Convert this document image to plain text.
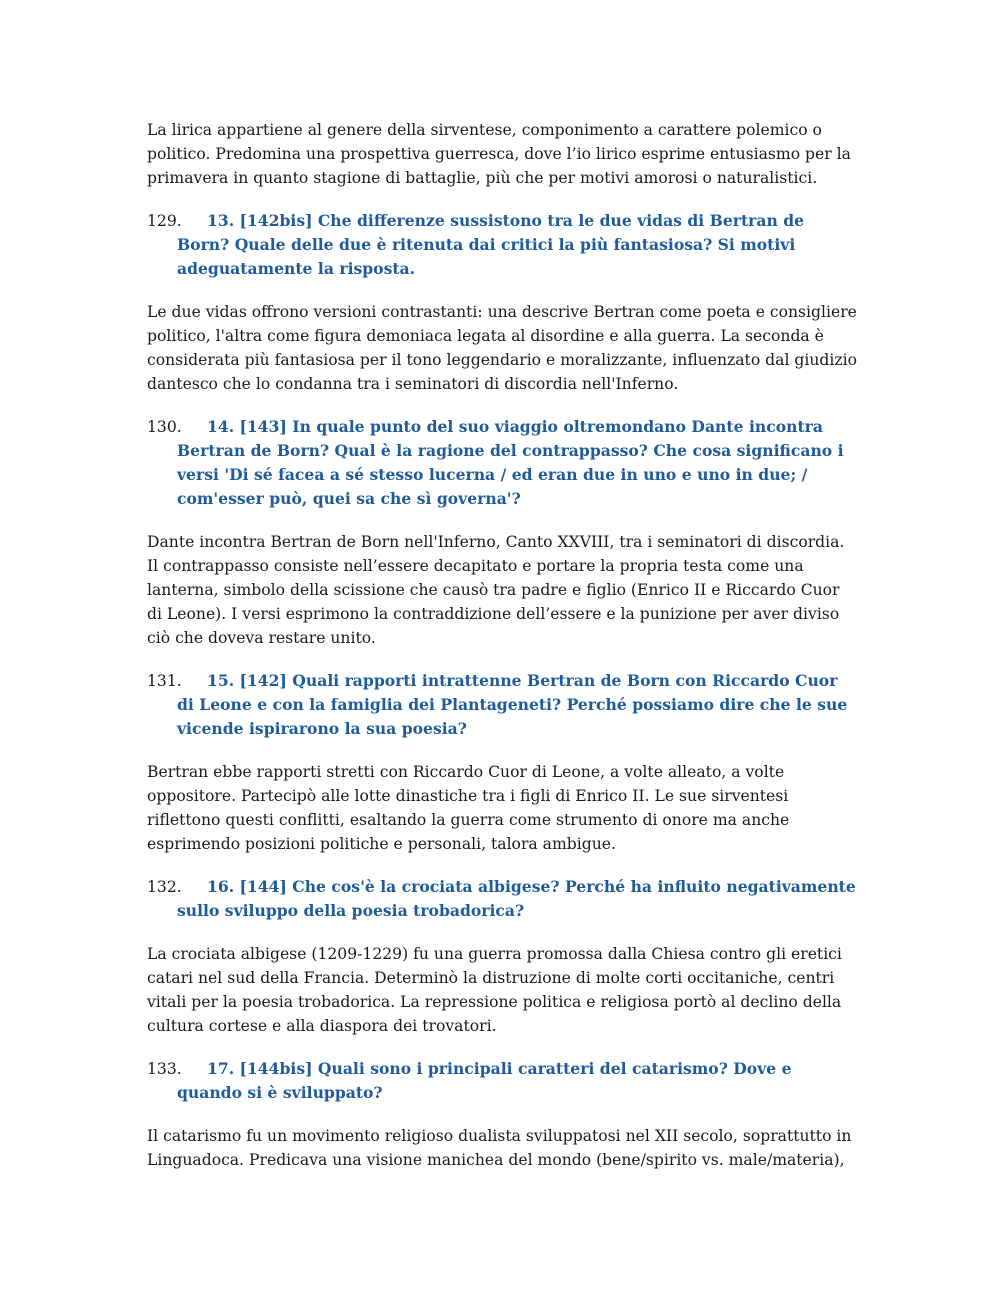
La lirica appartiene al genere della sirventese, componimento a carattere polemico o politico. Predomina una prospettiva guerresca, dove l’io lirico esprime entusiasmo per la primavera in quanto stagione di battaglie, più che per motivi amorosi o naturalistici.

129.	13. [142bis] Che differenze sussistono tra le due vidas di Bertran de Born? Quale delle due è ritenuta dai critici la più fantasiosa? Si motivi adeguatamente la risposta.

Le due vidas offrono versioni contrastanti: una descrive Bertran come poeta e consigliere politico, l'altra come figura demoniaca legata al disordine e alla guerra. La seconda è considerata più fantasiosa per il tono leggendario e moralizzante, influenzato dal giudizio dantesco che lo condanna tra i seminatori di discordia nell'Inferno.

130.	14. [143] In quale punto del suo viaggio oltremondano Dante incontra Bertran de Born? Qual è la ragione del contrappasso? Che cosa significano i versi 'Di sé facea a sé stesso lucerna / ed eran due in uno e uno in due; / com'esser può, quei sa che sì governa'?

Dante incontra Bertran de Born nell'Inferno, Canto XXVIII, tra i seminatori di discordia. Il contrappasso consiste nell’essere decapitato e portare la propria testa come una lanterna, simbolo della scissione che causò tra padre e figlio (Enrico II e Riccardo Cuor di Leone). I versi esprimono la contraddizione dell’essere e la punizione per aver diviso ciò che doveva restare unito.

131.	15. [142] Quali rapporti intrattenne Bertran de Born con Riccardo Cuor di Leone e con la famiglia dei Plantageneti? Perché possiamo dire che le sue vicende ispirarono la sua poesia?

Bertran ebbe rapporti stretti con Riccardo Cuor di Leone, a volte alleato, a volte oppositore. Partecipò alle lotte dinastiche tra i figli di Enrico II. Le sue sirventesi riflettono questi conflitti, esaltando la guerra come strumento di onore ma anche esprimendo posizioni politiche e personali, talora ambigue.

132.	16. [144] Che cos'è la crociata albigese? Perché ha influito negativamente sullo sviluppo della poesia trobadorica?

La crociata albigese (1209-1229) fu una guerra promossa dalla Chiesa contro gli eretici catari nel sud della Francia. Determinò la distruzione di molte corti occitaniche, centri vitali per la poesia trobadorica. La repressione politica e religiosa portò al declino della cultura cortese e alla diaspora dei trovatori.

133.	17. [144bis] Quali sono i principali caratteri del catarismo? Dove e quando si è sviluppato?

Il catarismo fu un movimento religioso dualista sviluppatosi nel XII secolo, soprattutto in Linguadoca. Predicava una visione manichea del mondo (bene/spirito vs. male/materia),
